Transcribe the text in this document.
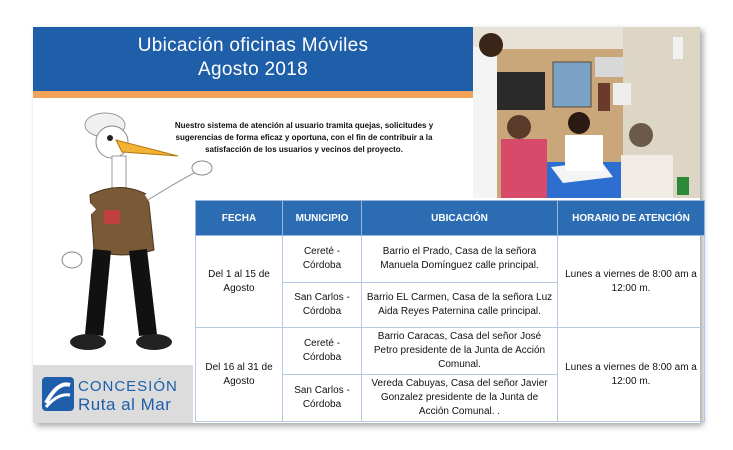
Ubicación oficinas Móviles
Agosto 2018
Nuestro sistema de atención al usuario tramita quejas, solicitudes y sugerencias de forma eficaz y oportuna, con el fin de contribuir a la satisfacción de los usuarios y vecinos del proyecto.
CONCESIÓN
Ruta al Mar
FECHA	MUNICIPIO	UBICACIÓN	HORARIO DE ATENCIÓN
Del 1 al 15 de Agosto	Cereté - Córdoba	Barrio el Prado, Casa de la señora Manuela Domínguez calle principal.	Lunes a viernes de 8:00 am a 12:00 m.
	San Carlos - Córdoba	Barrio EL Carmen, Casa de la señora Luz Aida Reyes Paternina calle principal.	
Del 16 al 31 de Agosto	Cereté - Córdoba	Barrio Caracas, Casa del señor José Petro presidente de la Junta de Acción Comunal.	Lunes a viernes de 8:00 am a 12:00 m.
	San Carlos - Córdoba	Vereda Cabuyas, Casa del señor Javier Gonzalez presidente de la Junta de Acción Comunal. .	
